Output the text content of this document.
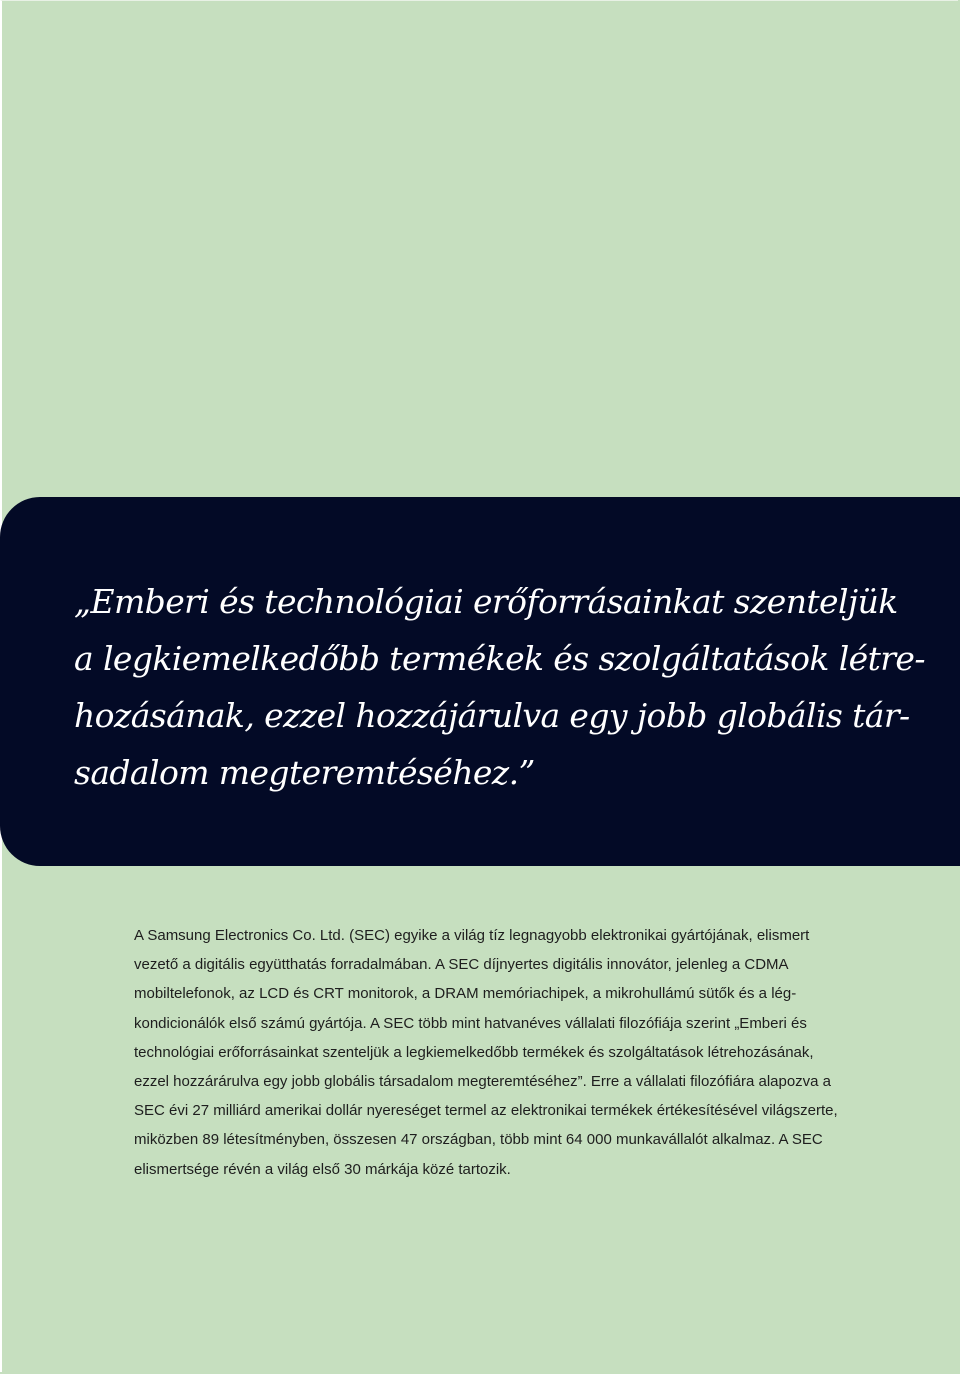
„Emberi és technológiai erőforrásainkat szenteljük
a legkiemelkedőbb termékek és szolgáltatások létre-
hozásának, ezzel hozzájárulva egy jobb globális tár-
sadalom megteremtéséhez.”

A Samsung Electronics Co. Ltd. (SEC) egyike a világ tíz legnagyobb elektronikai gyártójának, elismert
vezető a digitális együtthatás forradalmában. A SEC díjnyertes digitális innovátor, jelenleg a CDMA
mobiltelefonok, az LCD és CRT monitorok, a DRAM memóriachipek, a mikrohullámú sütők és a lég-
kondicionálók első számú gyártója. A SEC több mint hatvanéves vállalati filozófiája szerint „Emberi és
technológiai erőforrásainkat szenteljük a legkiemelkedőbb termékek és szolgáltatások létrehozásának,
ezzel hozzárárulva egy jobb globális társadalom megteremtéséhez”. Erre a vállalati filozófiára alapozva a
SEC évi 27 milliárd amerikai dollár nyereséget termel az elektronikai termékek értékesítésével világszerte,
miközben 89 létesítményben, összesen 47 országban, több mint 64 000 munkavállalót alkalmaz. A SEC
elismertsége révén a világ első 30 márkája közé tartozik.
